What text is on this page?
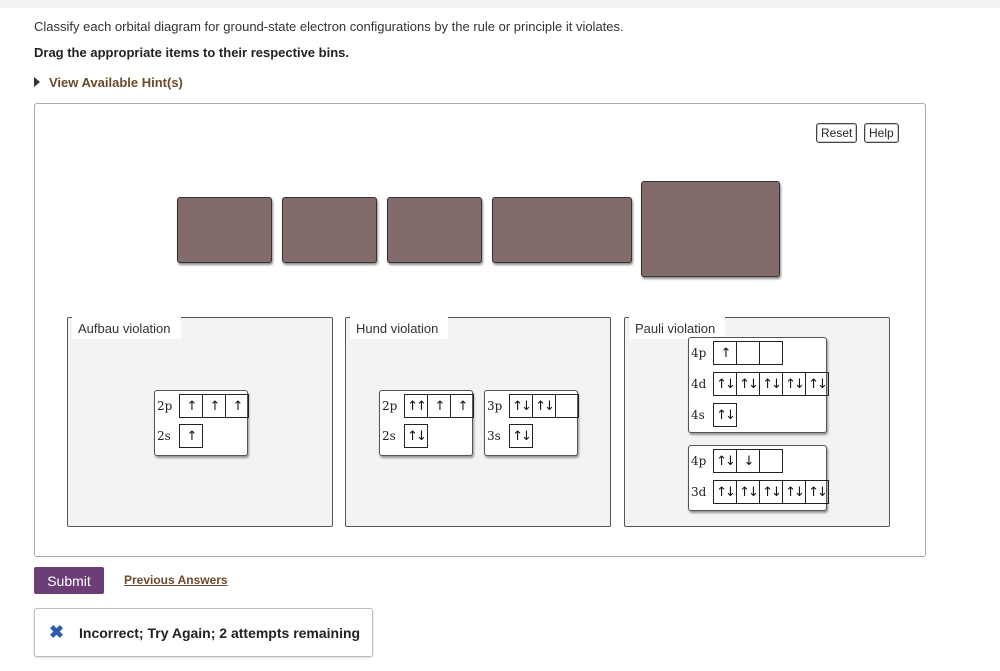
Classify each orbital diagram for ground-state electron configurations by the rule or principle it violates.
Drag the appropriate items to their respective bins.
View Available Hint(s)
Reset	Help
Aufbau violation
2p	↑	↑	↑
2s	↑
Hund violation
2p ↑↑ ↑	↑
2s ↑↓
3p ↑↓ ↑↓
3s ↑↓
Pauli violation
4p	↑
4d ↑↓ ↑↓ ↑↓ ↑↓ ↑↓
4s ↑↓
4p ↑↓ ↓
3d ↑↓ ↑↓ ↑↓ ↑↓ ↑↓
Submit	Previous Answers
✖ Incorrect; Try Again; 2 attempts remaining
